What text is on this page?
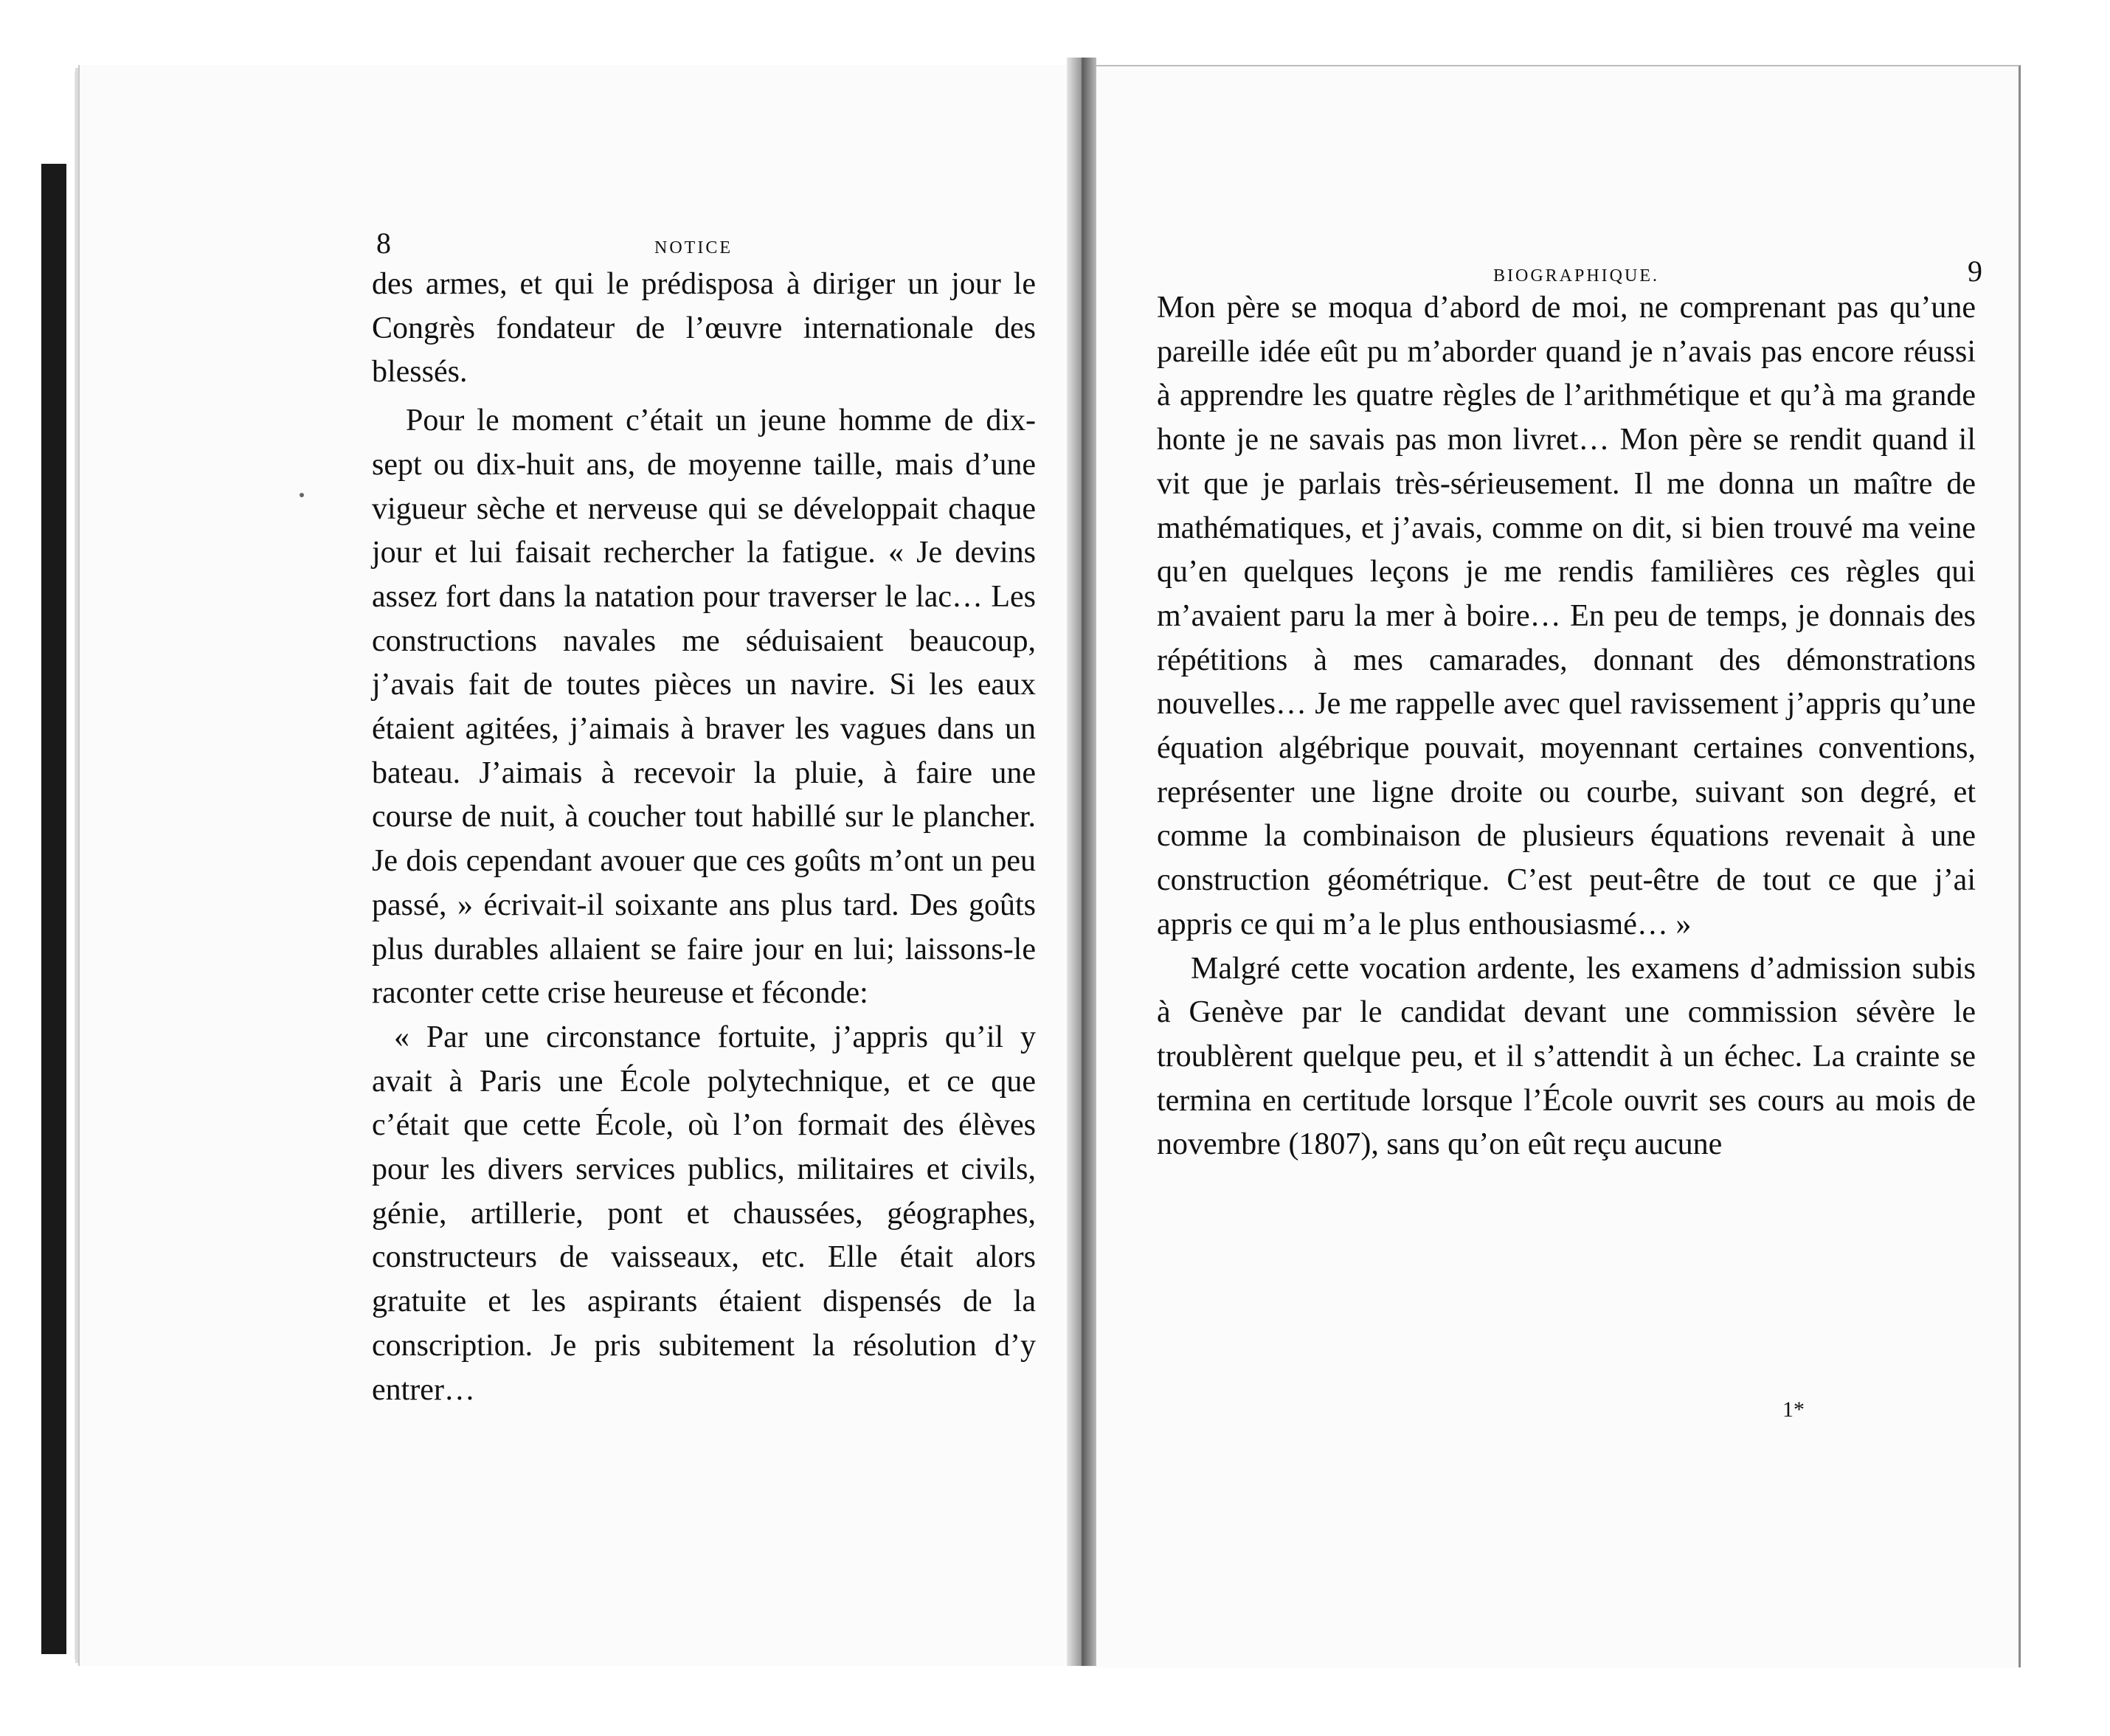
8	NOTICE

des armes, et qui le prédisposa à diriger un jour le Congrès fondateur de l’œuvre internationale des blessés.

Pour le moment c’était un jeune homme de dix-sept ou dix-huit ans, de moyenne taille, mais d’une vigueur sèche et nerveuse qui se développait chaque jour et lui faisait rechercher la fatigue. « Je devins assez fort dans la natation pour traverser le lac… Les constructions navales me séduisaient beaucoup, j’avais fait de toutes pièces un navire. Si les eaux étaient agitées, j’aimais à braver les vagues dans un bateau. J’aimais à recevoir la pluie, à faire une course de nuit, à coucher tout habillé sur le plancher. Je dois cependant avouer que ces goûts m’ont un peu passé, » écrivait-il soixante ans plus tard. Des goûts plus durables allaient se faire jour en lui; laissons-le raconter cette crise heureuse et féconde:

« Par une circonstance fortuite, j’appris qu’il y avait à Paris une École polytechnique, et ce que c’était que cette École, où l’on formait des élèves pour les divers services publics, militaires et civils, génie, artillerie, pont et chaussées, géographes, constructeurs de vaisseaux, etc. Elle était alors gratuite et les aspirants étaient dispensés de la conscription. Je pris subitement la résolution d’y entrer…

BIOGRAPHIQUE.	9

Mon père se moqua d’abord de moi, ne comprenant pas qu’une pareille idée eût pu m’aborder quand je n’avais pas encore réussi à apprendre les quatre règles de l’arithmétique et qu’à ma grande honte je ne savais pas mon livret… Mon père se rendit quand il vit que je parlais très-sérieusement. Il me donna un maître de mathématiques, et j’avais, comme on dit, si bien trouvé ma veine qu’en quelques leçons je me rendis familières ces règles qui m’avaient paru la mer à boire… En peu de temps, je donnais des répétitions à mes camarades, donnant des démonstrations nouvelles… Je me rappelle avec quel ravissement j’appris qu’une équation algébrique pouvait, moyennant certaines conventions, représenter une ligne droite ou courbe, suivant son degré, et comme la combinaison de plusieurs équations revenait à une construction géométrique. C’est peut-être de tout ce que j’ai appris ce qui m’a le plus enthousiasmé… »

Malgré cette vocation ardente, les examens d’admission subis à Genève par le candidat devant une commission sévère le troublèrent quelque peu, et il s’attendit à un échec. La crainte se termina en certitude lorsque l’École ouvrit ses cours au mois de novembre (1807), sans qu’on eût reçu aucune

1*
